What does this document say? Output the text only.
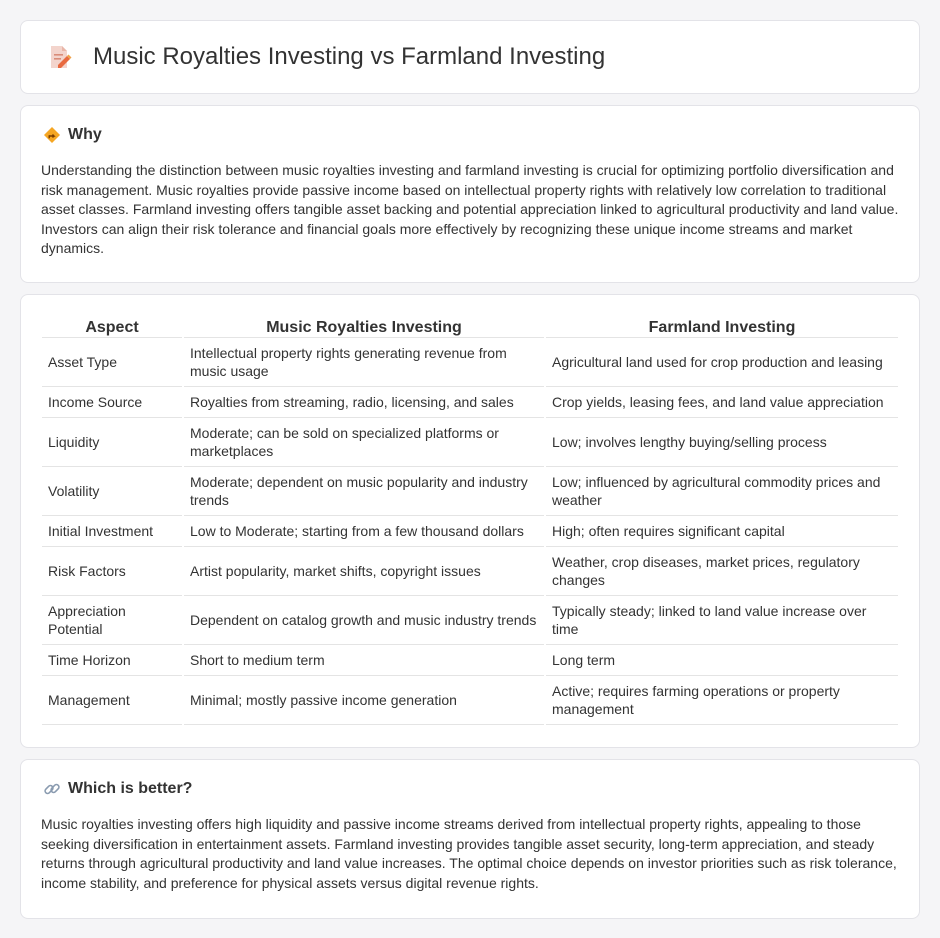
Music Royalties Investing vs Farmland Investing
Why

Understanding the distinction between music royalties investing and farmland investing is crucial for optimizing portfolio diversification and risk management. Music royalties provide passive income based on intellectual property rights with relatively low correlation to traditional asset classes. Farmland investing offers tangible asset backing and potential appreciation linked to agricultural productivity and land value. Investors can align their risk tolerance and financial goals more effectively by recognizing these unique income streams and market dynamics.

Aspect	Music Royalties Investing	Farmland Investing
Asset Type	Intellectual property rights generating revenue from music usage	Agricultural land used for crop production and leasing
Income Source	Royalties from streaming, radio, licensing, and sales	Crop yields, leasing fees, and land value appreciation
Liquidity	Moderate; can be sold on specialized platforms or marketplaces	Low; involves lengthy buying/selling process
Volatility	Moderate; dependent on music popularity and industry trends	Low; influenced by agricultural commodity prices and weather
Initial Investment	Low to Moderate; starting from a few thousand dollars	High; often requires significant capital
Risk Factors	Artist popularity, market shifts, copyright issues	Weather, crop diseases, market prices, regulatory changes
Appreciation Potential	Dependent on catalog growth and music industry trends	Typically steady; linked to land value increase over time
Time Horizon	Short to medium term	Long term
Management	Minimal; mostly passive income generation	Active; requires farming operations or property management
Which is better?

Music royalties investing offers high liquidity and passive income streams derived from intellectual property rights, appealing to those seeking diversification in entertainment assets. Farmland investing provides tangible asset security, long-term appreciation, and steady returns through agricultural productivity and land value increases. The optimal choice depends on investor priorities such as risk tolerance, income stability, and preference for physical assets versus digital revenue rights.
